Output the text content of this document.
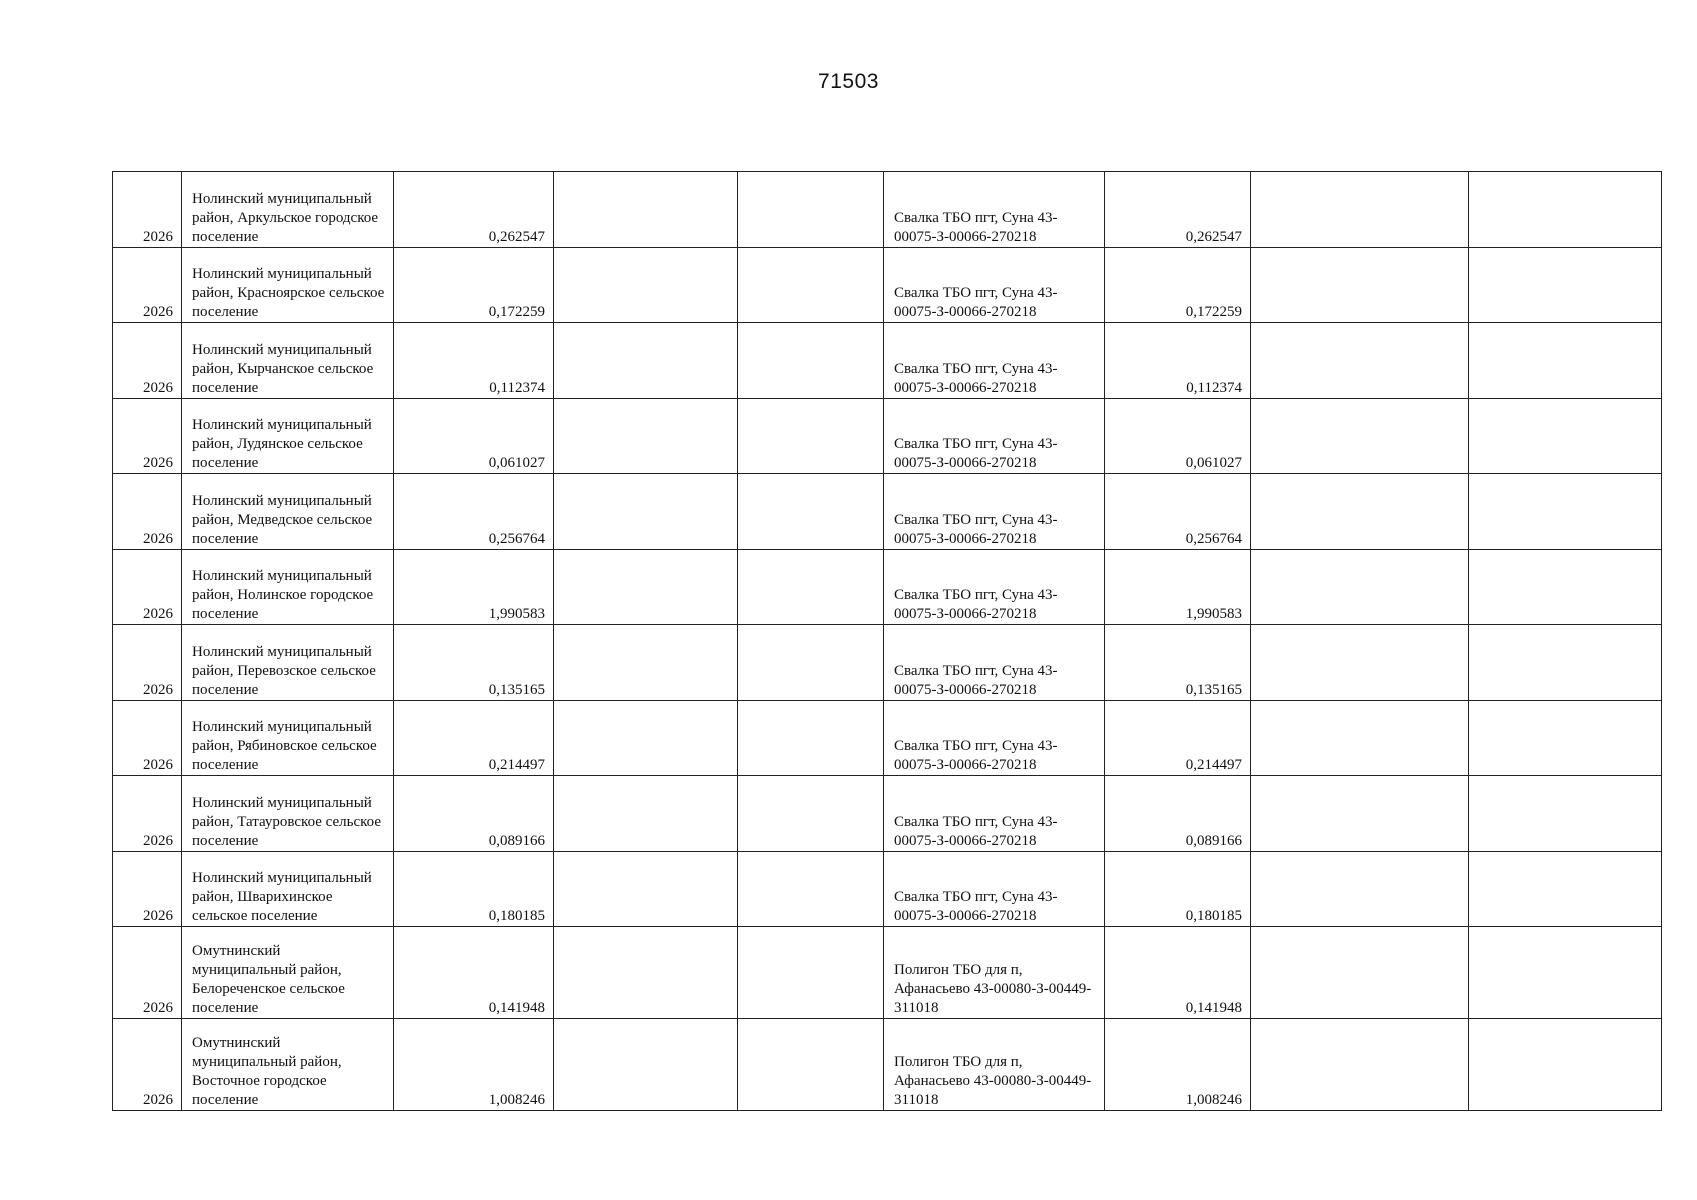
71503
2026	Нолинский муниципальный район, Аркульское городское поселение	0,262547			Свалка ТБО пгт, Суна 43-00075-З-00066-270218	0,262547		
2026	Нолинский муниципальный район, Красноярское сельское поселение	0,172259			Свалка ТБО пгт, Суна 43-00075-З-00066-270218	0,172259		
2026	Нолинский муниципальный район, Кырчанское сельское поселение	0,112374			Свалка ТБО пгт, Суна 43-00075-З-00066-270218	0,112374		
2026	Нолинский муниципальный район, Лудянское сельское поселение	0,061027			Свалка ТБО пгт, Суна 43-00075-З-00066-270218	0,061027		
2026	Нолинский муниципальный район, Медведское сельское поселение	0,256764			Свалка ТБО пгт, Суна 43-00075-З-00066-270218	0,256764		
2026	Нолинский муниципальный район, Нолинское городское поселение	1,990583			Свалка ТБО пгт, Суна 43-00075-З-00066-270218	1,990583		
2026	Нолинский муниципальный район, Перевозское сельское поселение	0,135165			Свалка ТБО пгт, Суна 43-00075-З-00066-270218	0,135165		
2026	Нолинский муниципальный район, Рябиновское сельское поселение	0,214497			Свалка ТБО пгт, Суна 43-00075-З-00066-270218	0,214497		
2026	Нолинский муниципальный район, Татауровское сельское поселение	0,089166			Свалка ТБО пгт, Суна 43-00075-З-00066-270218	0,089166		
2026	Нолинский муниципальный район, Шварихинское сельское поселение	0,180185			Свалка ТБО пгт, Суна 43-00075-З-00066-270218	0,180185		
2026	Омутнинский муниципальный район, Белореченское сельское поселение	0,141948			Полигон ТБО для п, Афанасьево 43-00080-З-00449-311018	0,141948		
2026	Омутнинский муниципальный район, Восточное городское поселение	1,008246			Полигон ТБО для п, Афанасьево 43-00080-З-00449-311018	1,008246		
